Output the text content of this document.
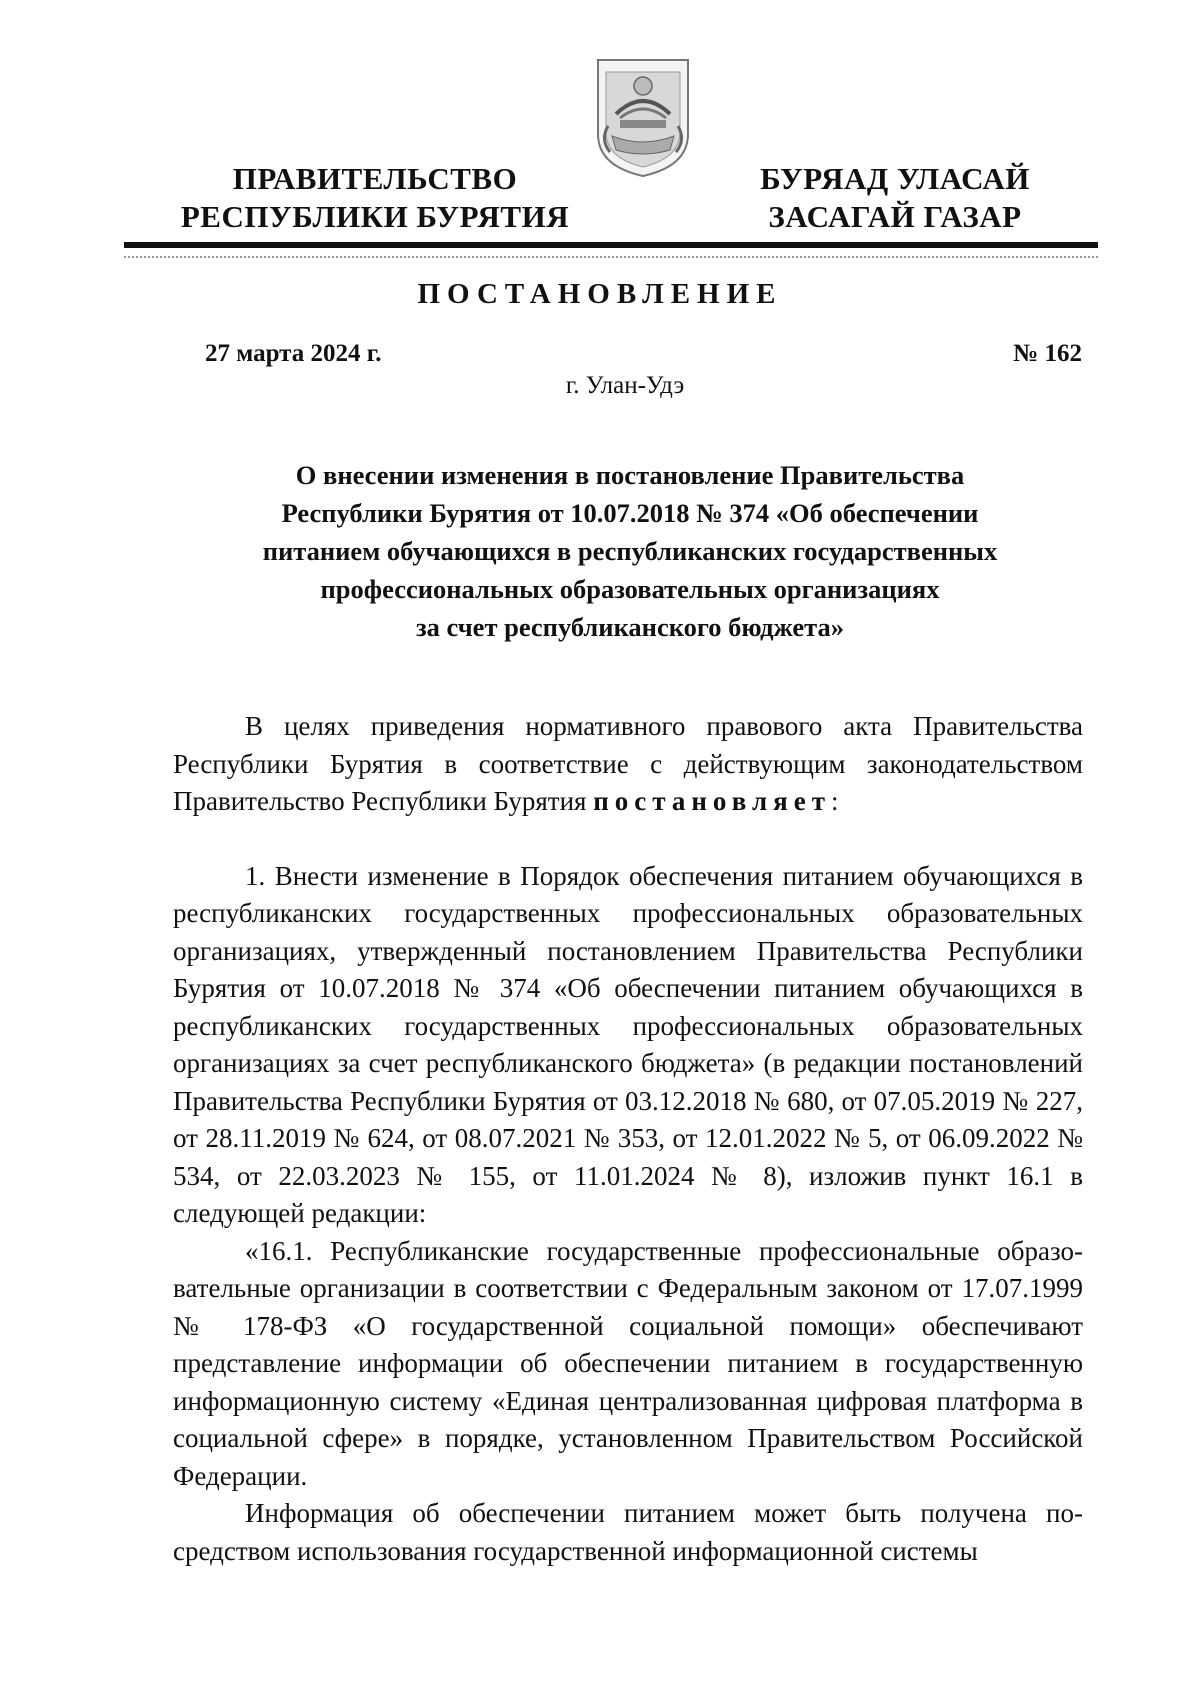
ПРАВИТЕЛЬСТВО
РЕСПУБЛИКИ БУРЯТИЯ
БУРЯАД УЛАСАЙ
ЗАСАГАЙ ГАЗАР
ПОСТАНОВЛЕНИЕ
27 марта 2024 г.	№ 162
г. Улан-Удэ
О внесении изменения в постановление Правительства
Республики Бурятия от 10.07.2018 № 374 «Об обеспечении
питанием обучающихся в республиканских государственных
профессиональных образовательных организациях
за счет республиканского бюджета»

В целях приведения нормативного правового акта Правительства Республики Бурятия в соответствие с действующим законодательством Правительство Республики Бурятия постановляет:

1. Внести изменение в Порядок обеспечения питанием обучающихся в республиканских государственных профессиональных образовательных организациях, утвержденный постановлением Правительства Республики Бурятия от 10.07.2018 № 374 «Об обеспечении питанием обучающихся в республиканских государственных профессиональных образовательных организациях за счет республиканского бюджета» (в редакции постановлений Правительства Республики Бурятия от 03.12.2018 № 680, от 07.05.2019 № 227, от 28.11.2019 № 624, от 08.07.2021 № 353, от 12.01.2022 № 5, от 06.09.2022 № 534, от 22.03.2023 № 155, от 11.01.2024 № 8), изложив пункт 16.1 в следующей редакции:

«16.1. Республиканские государственные профессиональные образовательные организации в соответствии с Федеральным законом от 17.07.1999 № 178-ФЗ «О государственной социальной помощи» обеспечивают представление информации об обеспечении питанием в государственную информационную систему «Единая централизованная цифровая платформа в социальной сфере» в порядке, установленном Правительством Российской Федерации.

Информация об обеспечении питанием может быть получена посредством использования государственной информационной системы
